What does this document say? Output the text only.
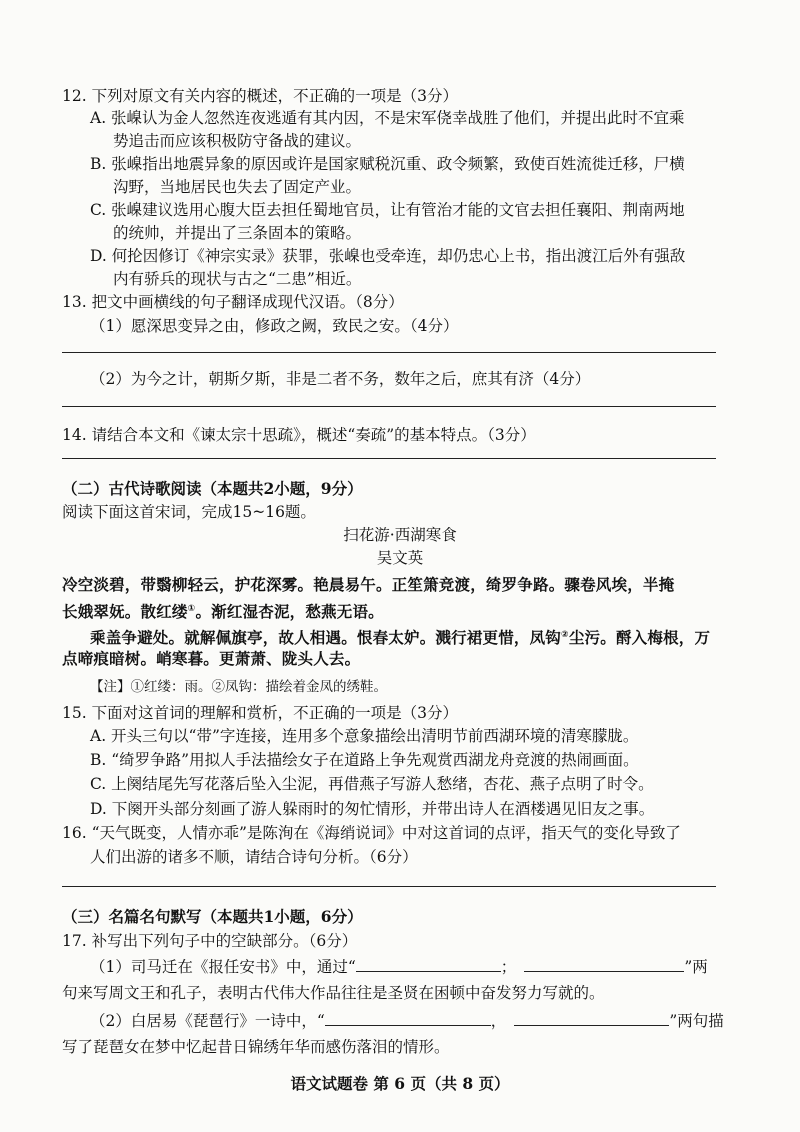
12. 下列对原文有关内容的概述，不正确的一项是（3分）
A. 张嵲认为金人忽然连夜逃遁有其内因，不是宋军侥幸战胜了他们，并提出此时不宜乘
势追击而应该积极防守备战的建议。
B. 张嵲指出地震异象的原因或许是国家赋税沉重、政令频繁，致使百姓流徙迁移，尸横
沟野，当地居民也失去了固定产业。
C. 张嵲建议选用心腹大臣去担任蜀地官员，让有管治才能的文官去担任襄阳、荆南两地
的统帅，并提出了三条固本的策略。
D. 何抡因修订《神宗实录》获罪，张嵲也受牵连，却仍忠心上书，指出渡江后外有强敌
内有骄兵的现状与古之“二患”相近。
13. 把文中画横线的句子翻译成现代汉语。（8分）
（1）愿深思变异之由，修政之阙，致民之安。（4分）
（2）为今之计，朝斯夕斯，非是二者不务，数年之后，庶其有济（4分）
14. 请结合本文和《谏太宗十思疏》，概述“奏疏”的基本特点。（3分）
（二）古代诗歌阅读（本题共2小题，9分）
阅读下面这首宋词，完成15~16题。
扫花游·西湖寒食
吴文英
冷空淡碧，带翳柳轻云，护花深雾。艳晨易午。正笙箫竞渡，绮罗争路。骤卷风埃，半掩
长娥翠妩。散红缕①。渐红湿杏泥，愁燕无语。
乘盖争避处。就解佩旗亭，故人相遇。恨春太妒。溅行裙更惜，凤钩②尘污。酹入梅根，万
点啼痕暗树。峭寒暮。更萧萧、陇头人去。
【注】①红缕：雨。②凤钩：描绘着金凤的绣鞋。
15. 下面对这首词的理解和赏析，不正确的一项是（3分）
A. 开头三句以“带”字连接，连用多个意象描绘出清明节前西湖环境的清寒朦胧。
B. “绮罗争路”用拟人手法描绘女子在道路上争先观赏西湖龙舟竞渡的热闹画面。
C. 上阕结尾先写花落后坠入尘泥，再借燕子写游人愁绪，杏花、燕子点明了时令。
D. 下阕开头部分刻画了游人躲雨时的匆忙情形，并带出诗人在酒楼遇见旧友之事。
16. “天气既变，人情亦乖”是陈洵在《海绡说词》中对这首词的点评，指天气的变化导致了
人们出游的诸多不顺，请结合诗句分析。（6分）
（三）名篇名句默写（本题共1小题，6分）
17. 补写出下列句子中的空缺部分。（6分）
（1）司马迁在《报任安书》中，通过“	；	”两
句来写周文王和孔子，表明古代伟大作品往往是圣贤在困顿中奋发努力写就的。
（2）白居易《琵琶行》一诗中，“	，	”两句描
写了琵琶女在梦中忆起昔日锦绣年华而感伤落泪的情形。
语文试题卷 第 6 页（共 8 页）
